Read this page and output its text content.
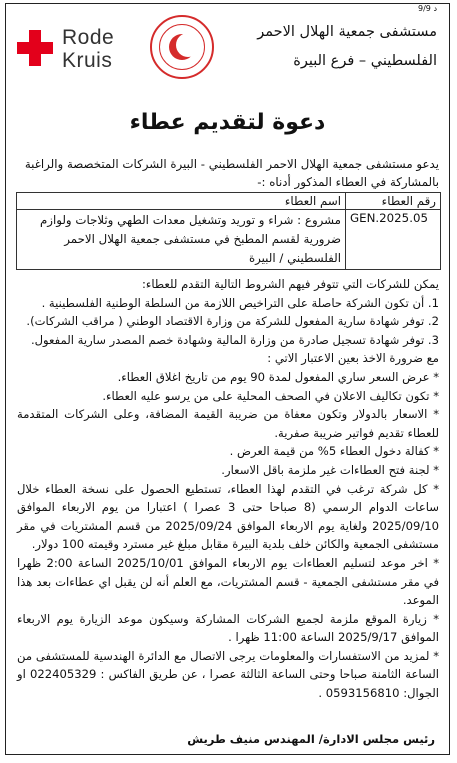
9/9 د
مستشفى جمعية الهلال الاحمر
الفلسطيني – فرع البيرة
Rode
Kruis
دعوة لتقديم عطاء
يدعو مستشفى جمعية الهلال الاحمر الفلسطيني - البيرة الشركات المتخصصة والراغبة بالمشاركة في العطاء المذكور أدناه :-
رقم العطاء	اسم العطاء
GEN.2025.05	مشروع : شراء و توريد وتشغيل معدات الطهي وثلاجات ولوازم ضرورية لقسم المطبخ في مستشفى جمعية الهلال الاحمر الفلسطيني / البيرة

يمكن للشركات التي تتوفر فيهم الشروط التالية التقدم للعطاء:

1. أن تكون الشركة حاصلة على التراخيص اللازمة من السلطة الوطنية الفلسطينية .

2. توفر شهادة سارية المفعول للشركة من وزارة الاقتصاد الوطني ( مراقب الشركات).

3. توفر شهادة تسجيل صادرة من وزارة المالية وشهادة خصم المصدر سارية المفعول.

مع ضرورة الاخذ بعين الاعتبار الاتي :

* عرض السعر ساري المفعول لمدة 90 يوم من تاريخ اغلاق العطاء.

* تكون تكاليف الاعلان في الصحف المحلية على من يرسو عليه العطاء.

* الاسعار بالدولار وتكون معفاة من ضريبة القيمة المضافة، وعلى الشركات المتقدمة للعطاء تقديم فواتير ضريبة صفرية.

* كفالة دخول العطاء 5% من قيمة العرض .

* لجنة فتح العطاءات غير ملزمة باقل الاسعار.

* كل شركة ترغب في التقدم لهذا العطاء، تستطيع الحصول على نسخة العطاء خلال ساعات الدوام الرسمي (8 صباحا حتى 3 عصرا ) اعتبارا من يوم الاربعاء الموافق 2025/09/10 ولغاية يوم الاربعاء الموافق 2025/09/24 من قسم المشتريات في مقر مستشفى الجمعية والكائن خلف بلدية البيرة مقابل مبلغ غير مسترد وقيمته 100 دولار.

* اخر موعد لتسليم العطاءات يوم الاربعاء الموافق 2025/10/01 الساعة 2:00 ظهرا في مقر مستشفى الجمعية - قسم المشتريات، مع العلم أنه لن يقبل اي عطاءات بعد هذا الموعد.

* زيارة الموقع ملزمة لجميع الشركات المشاركة وسيكون موعد الزيارة يوم الاربعاء الموافق 2025/9/17 الساعة 11:00 ظهرا .

* لمزيد من الاستفسارات والمعلومات يرجى الاتصال مع الدائرة الهندسية للمستشفى من الساعة الثامنة صباحا وحتى الساعة الثالثة عصرا ، عن طريق الفاكس : 022405329 او الجوال: 0593156810 .

رئيس مجلس الادارة/ المهندس منيف طريش
